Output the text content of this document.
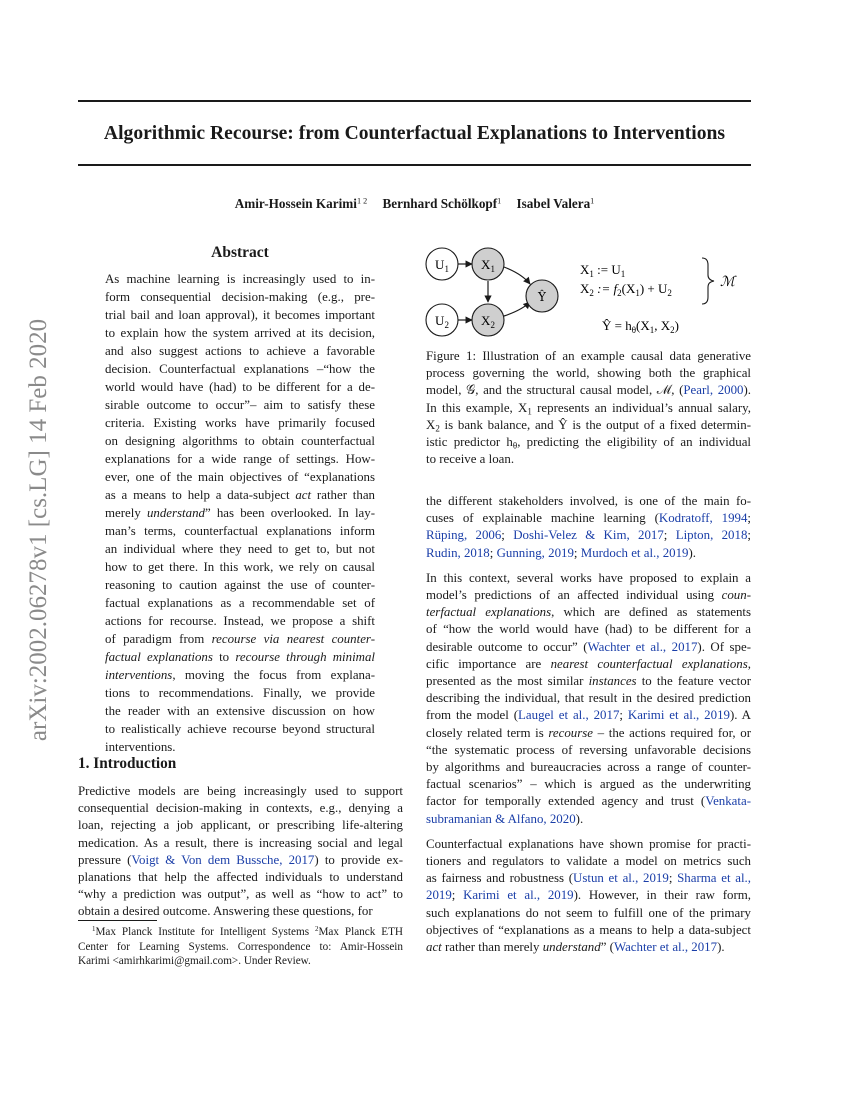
Algorithmic Recourse: from Counterfactual Explanations to Interventions
Amir-Hossein Karimi$^{1 2}$ Bernhard Schölkopf$^1$ Isabel Valera$^1$
arXiv:2002.06278v1 [cs.LG] 14 Feb 2020
Abstract
As machine learning is increasingly used to in-
form consequential decision-making (e.g., pre-
trial bail and loan approval), it becomes important
to explain how the system arrived at its decision,
and also suggest actions to achieve a favorable
decision. Counterfactual explanations –“how the
world would have (had) to be different for a de-
sirable outcome to occur”– aim to satisfy these
criteria. Existing works have primarily focused
on designing algorithms to obtain counterfactual
explanations for a wide range of settings. How-
ever, one of the main objectives of “explanations
as a means to help a data-subject act rather than
merely understand” has been overlooked. In lay-
man’s terms, counterfactual explanations inform
an individual where they need to get to, but not
how to get there. In this work, we rely on causal
reasoning to caution against the use of counter-
factual explanations as a recommendable set of
actions for recourse. Instead, we propose a shift
of paradigm from recourse via nearest counter-
factual explanations to recourse through minimal
interventions, moving the focus from explana-
tions to recommendations. Finally, we provide
the reader with an extensive discussion on how
to realistically achieve recourse beyond structural
interventions.
1. Introduction
Predictive models are being increasingly used to support
consequential decision-making in contexts, e.g., denying a
loan, rejecting a job applicant, or prescribing life-altering
medication. As a result, there is increasing social and legal
pressure (Voigt & Von dem Bussche, 2017) to provide ex-
planations that help the affected individuals to understand
“why a prediction was output”, as well as “how to act” to
obtain a desired outcome. Answering these questions, for
$^1$Max Planck Institute for Intelligent Systems $^2$Max Planck ETH
Center for Learning Systems. Correspondence to: Amir-Hossein
Karimi <amirhkarimi@gmail.com>. Under Review.
$U_1$
$U_2$
$X_1$
$X_2$
Ŷ
$X_1$ := $U_1$
$X_2$ := $f_2(X_1) + U_2$
ℳ
Ŷ = $h_\theta(X_1$, $X_2$)
Figure 1: Illustration of an example causal data generative
process governing the world, showing both the graphical
model, 𝒢, and the structural causal model, ℳ, (Pearl, 2000).
In this example, $X_1$ represents an individual’s annual salary,
$X_2$ is bank balance, and Ŷ is the output of a fixed determin-
istic predictor $h_\theta$, predicting the eligibility of an individual
to receive a loan.
the different stakeholders involved, is one of the main fo-
cuses of explainable machine learning (Kodratoff, 1994;
Rüping, 2006; Doshi-Velez & Kim, 2017; Lipton, 2018;
Rudin, 2018; Gunning, 2019; Murdoch et al., 2019).
In this context, several works have proposed to explain a
model’s predictions of an affected individual using coun-
terfactual explanations, which are defined as statements
of “how the world would have (had) to be different for a
desirable outcome to occur” (Wachter et al., 2017). Of spe-
cific importance are nearest counterfactual explanations,
presented as the most similar instances to the feature vector
describing the individual, that result in the desired prediction
from the model (Laugel et al., 2017; Karimi et al., 2019). A
closely related term is recourse – the actions required for, or
“the systematic process of reversing unfavorable decisions
by algorithms and bureaucracies across a range of counter-
factual scenarios” – which is argued as the underwriting
factor for temporally extended agency and trust (Venkata-
subramanian & Alfano, 2020).
Counterfactual explanations have shown promise for practi-
tioners and regulators to validate a model on metrics such
as fairness and robustness (Ustun et al., 2019; Sharma et al.,
2019; Karimi et al., 2019). However, in their raw form,
such explanations do not seem to fulfill one of the primary
objectives of “explanations as a means to help a data-subject
act rather than merely understand” (Wachter et al., 2017).
